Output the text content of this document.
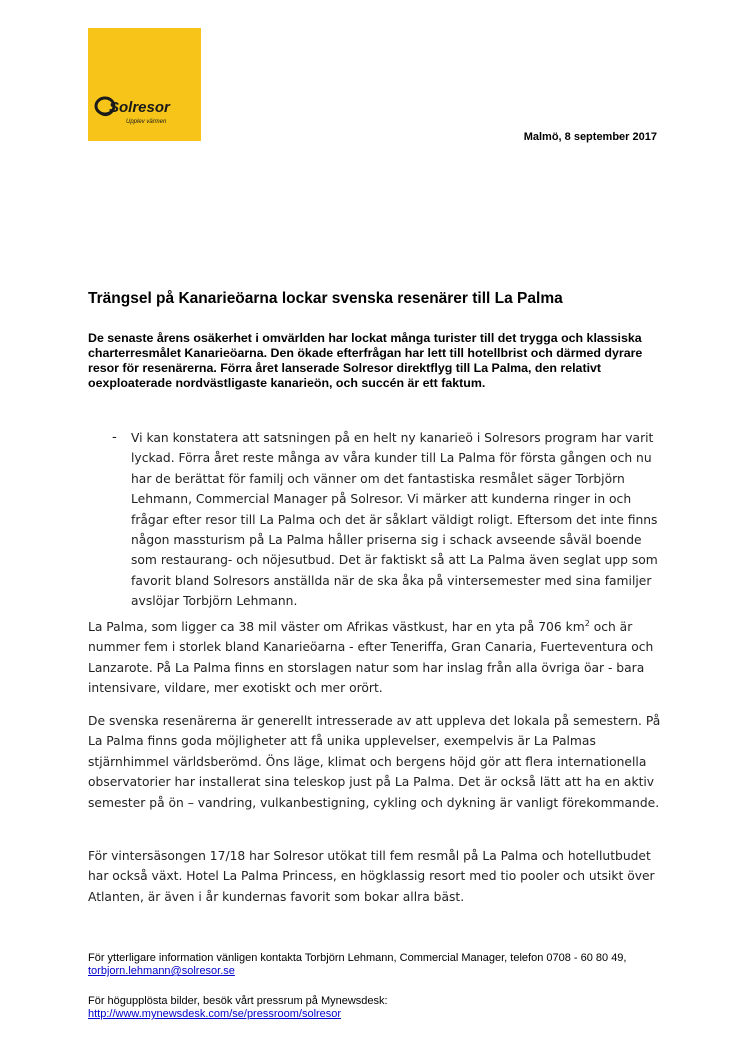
Solresor
Upplev värmen
Malmö, 8 september 2017
Trängsel på Kanarieöarna lockar svenska resenärer till La Palma

De senaste årens osäkerhet i omvärlden har lockat många turister till det trygga och klassiska charterresmålet Kanarieöarna. Den ökade efterfrågan har lett till hotellbrist och därmed dyrare resor för resenärerna. Förra året lanserade Solresor direktflyg till La Palma, den relativt oexploaterade nordvästligaste kanarieön, och succén är ett faktum.

- Vi kan konstatera att satsningen på en helt ny kanarieö i Solresors program har varit lyckad. Förra året reste många av våra kunder till La Palma för första gången och nu har de berättat för familj och vänner om det fantastiska resmålet säger Torbjörn Lehmann, Commercial Manager på Solresor. Vi märker att kunderna ringer in och frågar efter resor till La Palma och det är såklart väldigt roligt. Eftersom det inte finns någon massturism på La Palma håller priserna sig i schack avseende såväl boende som restaurang- och nöjesutbud. Det är faktiskt så att La Palma även seglat upp som favorit bland Solresors anställda när de ska åka på vintersemester med sina familjer avslöjar Torbjörn Lehmann.

La Palma, som ligger ca 38 mil väster om Afrikas västkust, har en yta på 706 $km^2$ och är nummer fem i storlek bland Kanarieöarna - efter Teneriffa, Gran Canaria, Fuerteventura och Lanzarote. På La Palma finns en storslagen natur som har inslag från alla övriga öar - bara intensivare, vildare, mer exotiskt och mer orört.

De svenska resenärerna är generellt intresserade av att uppleva det lokala på semestern. På La Palma finns goda möjligheter att få unika upplevelser, exempelvis är La Palmas stjärnhimmel världsberömd. Öns läge, klimat och bergens höjd gör att flera internationella observatorier har installerat sina teleskop just på La Palma. Det är också lätt att ha en aktiv semester på ön – vandring, vulkanbestigning, cykling och dykning är vanligt förekommande.

För vintersäsongen 17/18 har Solresor utökat till fem resmål på La Palma och hotellutbudet har också växt. Hotel La Palma Princess, en högklassig resort med tio pooler och utsikt över Atlanten, är även i år kundernas favorit som bokar allra bäst.

För ytterligare information vänligen kontakta Torbjörn Lehmann, Commercial Manager, telefon 0708 - 60 80 49, torbjorn.lehmann@solresor.se

För högupplösta bilder, besök vårt pressrum på Mynewsdesk:
http://www.mynewsdesk.com/se/pressroom/solresor
